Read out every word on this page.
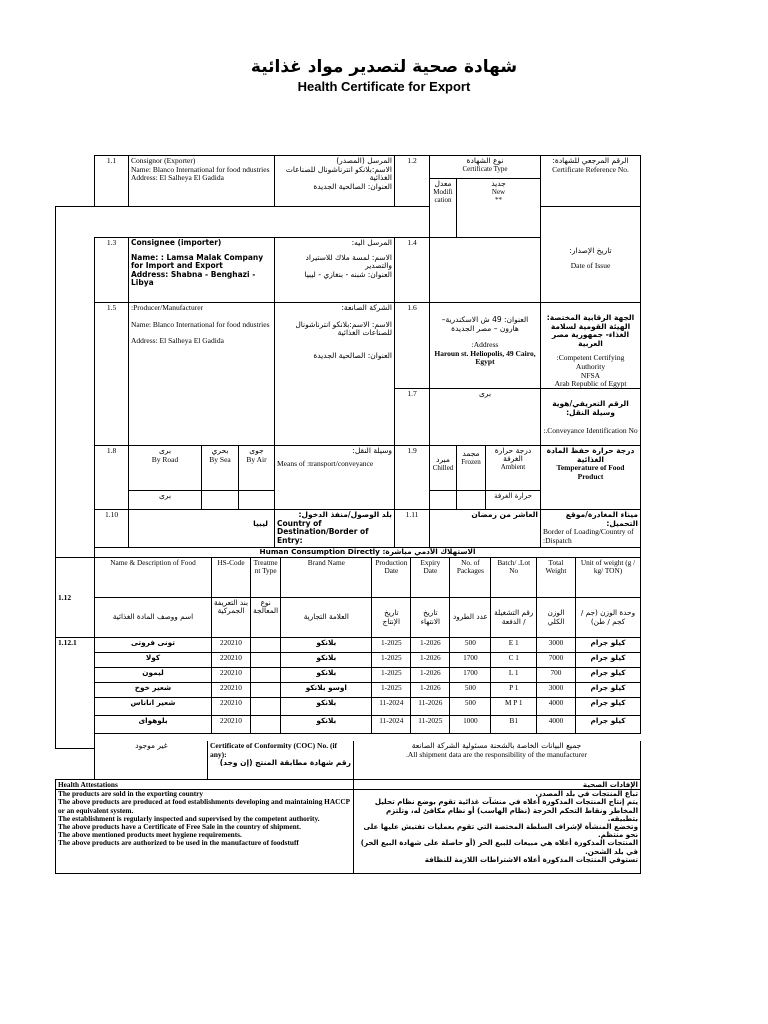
شهادة صحية لتصدير مواد غذائية
Health Certificate for Export
1.1	Consignor (Exporter)
Name: Blanco International for food ndustries
Address: El Salheya El Gadida
المرسل (المصدر)
الاسم:بلانكو انترناشونال للصناعات الغذائية
العنوان: الصالحية الجديدة
1.2	نوع الشهادة
Certificate Type
معدل
Modification
جديد
New
**
الرقم المرجعي للشهادة:
Certificate Reference No.
1.3	Consignee (importer)
Name: : Lamsa Malak Company for Import and Export
Address: Shabna - Benghazi - Libya
المرسل اليه:
الاسم: لمسة ملاك للاستيراد والتصدير
العنوان: شبنه - بنغازي - ليبيا
1.4
تاريخ الإصدار:
Date of Issue
1.5	:Producer/Manufacturer
Name: Blanco International for food ndustries
Address: El Salheya El Gadida
الشركة الصانعة:
الاسم: الاسم:بلانكو انترناشونال للصناعات الغذائية
العنوان: الصالحية الجديدة
1.6
العنوان: 49 ش الاسكندرية– هارون – مصر الجديدة
:Address
Haroun st. Heliopolis, 49 Cairo, Egypt
الجهة الرقابية المختصة: الهيئة القومية لسلامة الغذاء- جمهورية مصر العربية
:Competent Certifying Authority
NFSA
Arab Republic of Egypt
1.7	برى
الرقم التعريفي/هوية وسيلة النقل:
:.Conveyance Identification No
1.8	برى
By Road
بحري
By Sea
جوى
By Air
برى
وسيلة النقل:
Means of :transport/conveyance
1.9
مبرد
Chilled
مجمد
Frozen
درجة حرارة الغرفة
Ambient
حرارة الغرفة
درجة حرارة حفظ المادة الغذائية
Temperature of Food Product
1.10
ليبيا
بلد الوصول/منفذ الدخول:
Country of Destination/Border of Entry:
1.11	العاشر من رمضان	ميناء المغادرة/موقع التحميل:
Border of Loading/Country of :Dispatch
Human Consumption Directly :الاستهلاك الآدمي مباشرة
1.12
1.12.1
Name & Description of Food	HS-Code	Treatment Type	Brand Name	Production Date	Expiry Date	No. of Packages	Batch/ .Lot No	Total Weight	Unit of weight (g / kg/ TON)
اسم ووصف المادة الغذائية	بند التعريفة الجمركية	نوع المعالجة	العلامة التجارية	تاريخ الإنتاج	تاريخ الانتهاء	عدد الطرود	رقم التشغيلة / الدفعة	الوزن الكلي	وحدة الوزن (جم / كجم / طن)
تونى فروتى	220210		بلانكو	1-2025	1-2026	500	E 1	3000	كيلو جرام
كولا	220210		بلانكو	1-2025	1-2026	1700	C 1	7000	كيلو جرام
ليمون	220210		بلانكو	1-2025	1-2026	1700	L 1	700	كيلو جرام
شعير خوخ	220210		اوسو بلانكو	1-2025	1-2026	500	P 1	3000	كيلو جرام
شعير اناناس	220210		بلانكو	11-2024	11-2026	500	M P 1	4000	كيلو جرام
بلوهواى	220210		بلانكو	11-2024	11-2025	1000	B1	4000	كيلو جرام
غير موجود	Certificate of Conformity (COC) No. (if any):
رقم شهادة مطابقة المنتج (إن وجد)
جميع البيانات الخاصة بالشحنة مسئولية الشركة الصانعة
.All shipment data are the responsibility of the manufacturer
Health Attestations
The products are sold in the exporting country
The above products are produced at food establishments developing and maintaining HACCP or an equivalent system.
The establishment is regularly inspected and supervised by the competent authority.
The above products have a Certificate of Free Sale in the country of shipment.
The above mentioned products meet hygiene requirements.
The above products are authorized to be used in the manufacture of foodstuff
الإفادات الصحية
تباع المنتجات في بلد المصدر.
يتم إنتاج المنتجات المذكورة أعلاه في منشآت غذائية تقوم بوضع نظام تحليل المخاطر ونقاط التحكم الحرجة (نظام الهاسب) أو نظام مكافئ له، وتلتزم بتطبيقه.
وتخضع المنشأة لإشراف السلطة المختصة التي تقوم بعمليات تفتيش عليها على نحو منتظم.
المنتجات المذكورة أعلاه هي مبيعات للبيع الحر (أو حاصلة على شهادة البيع الحر) في بلد الشحن.
تستوفي المنتجات المذكورة أعلاه الاشتراطات اللازمة للنظافة
